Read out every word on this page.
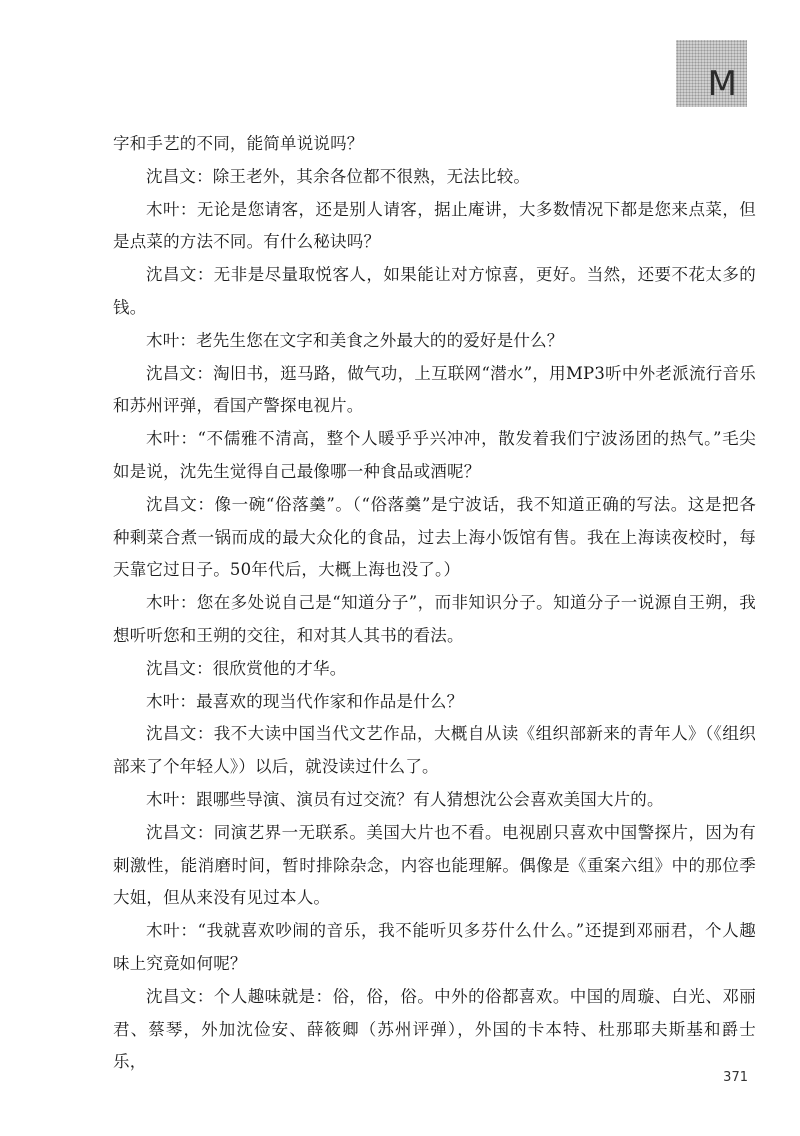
M

字和手艺的不同，能简单说说吗？

沈昌文：除王老外，其余各位都不很熟，无法比较。

木叶：无论是您请客，还是别人请客，据止庵讲，大多数情况下都是您来点菜，但是点菜的方法不同。有什么秘诀吗？

沈昌文：无非是尽量取悦客人，如果能让对方惊喜，更好。当然，还要不花太多的钱。

木叶：老先生您在文字和美食之外最大的的爱好是什么？

沈昌文：淘旧书，逛马路，做气功，上互联网“潜水”，用MP3听中外老派流行音乐和苏州评弹，看国产警探电视片。

木叶：“不儒雅不清高，整个人暖乎乎兴冲冲，散发着我们宁波汤团的热气。”毛尖如是说，沈先生觉得自己最像哪一种食品或酒呢？

沈昌文：像一碗“俗落羹”。（“俗落羹”是宁波话，我不知道正确的写法。这是把各种剩菜合煮一锅而成的最大众化的食品，过去上海小饭馆有售。我在上海读夜校时，每天靠它过日子。50年代后，大概上海也没了。）

木叶：您在多处说自己是“知道分子”，而非知识分子。知道分子一说源自王朔，我想听听您和王朔的交往，和对其人其书的看法。

沈昌文：很欣赏他的才华。

木叶：最喜欢的现当代作家和作品是什么？

沈昌文：我不大读中国当代文艺作品，大概自从读《组织部新来的青年人》（《组织部来了个年轻人》）以后，就没读过什么了。

木叶：跟哪些导演、演员有过交流？有人猜想沈公会喜欢美国大片的。

沈昌文：同演艺界一无联系。美国大片也不看。电视剧只喜欢中国警探片，因为有刺激性，能消磨时间，暂时排除杂念，内容也能理解。偶像是《重案六组》中的那位季大姐，但从来没有见过本人。

木叶：“我就喜欢吵闹的音乐，我不能听贝多芬什么什么。”还提到邓丽君，个人趣味上究竟如何呢？

沈昌文：个人趣味就是：俗，俗，俗。中外的俗都喜欢。中国的周璇、白光、邓丽君、蔡琴，外加沈俭安、薛筱卿（苏州评弹），外国的卡本特、杜那耶夫斯基和爵士乐，

371
